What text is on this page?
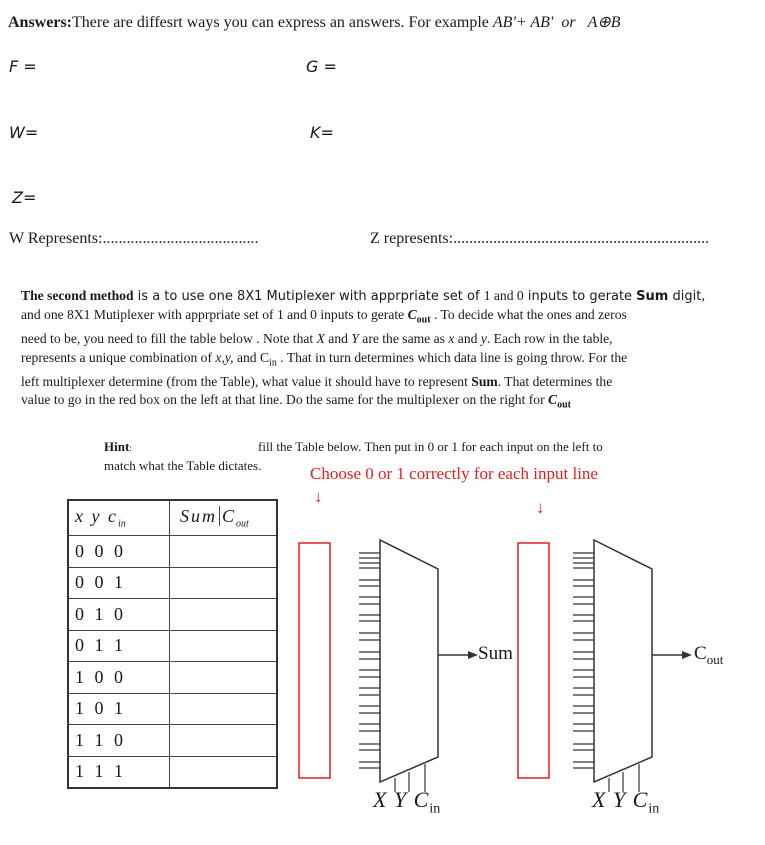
Answers:There are diffesrt ways you can express an answers. For example AB'+ AB' or A⊕B
F =	G =
W=	K=
Z=
W Represents:.......................................	Z represents:................................................................
The second method is a to use one 8X1 Mutiplexer with apprpriate set of 1 and 0 inputs to gerate Sum digit,
and one 8X1 Mutiplexer with apprpriate set of 1 and 0 inputs to gerate $C_{out}$ . To decide what the ones and zeros
need to be, you need to fill the table below . Note that X and Y are the same as x and y. Each row in the table,
represents a unique combination of x,y, and $C_{in}$ . That in turn determines which data line is going throw. For the
left multiplexer determine (from the Table), what value it should have to represent Sum. That determines the
value to go in the red box on the left at that line. Do the same for the multiplexer on the right for $C_{out}$
Hint:	fill the Table below. Then put in 0 or 1 for each input on the left to
match what the Table dictates.	Choose 0 or 1 correctly for each input line
↓
↓
x y $c_{in}$	Sum $C_{out}$
0 0 0	
0 0 1	
0 1 0	
0 1 1	
1 0 0	
1 0 1	
1 1 0	
1 1 1	
Sum	$C_{out}$
X Y $C_{in}$	X Y $C_{in}$
